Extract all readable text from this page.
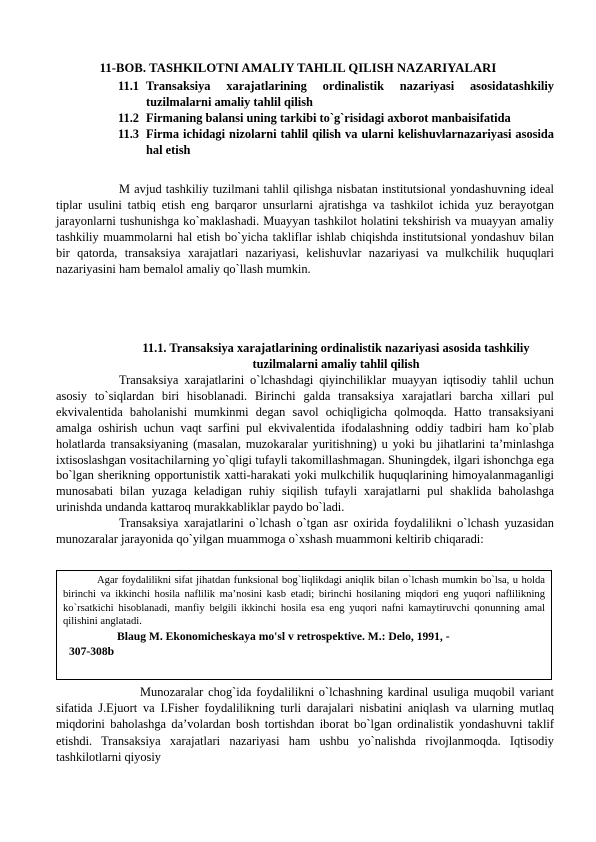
11-BOB. TASHKILOTNI AMALIY TAHLIL QILISH NAZARIYALARI
11.1 Transaksiya xarajatlarining ordinalistik nazariyasi asosidatashkiliy tuzilmalarni amaliy tahlil qilish
11.2 Firmaning balansi uning tarkibi to`g`risidagi axborot manbaisifatida
11.3 Firma ichidagi nizolarni tahlil qilish va ularni kelishuvlarnazariyasi asosida hal etish

M avjud tashkiliy tuzilmani tahlil qilishga nisbatan institutsional yondashuvning ideal tiplar usulini tatbiq etish eng barqaror unsurlarni ajratishga va tashkilot ichida yuz berayotgan jarayonlarni tushunishga ko`maklashadi. Muayyan tashkilot holatini tekshirish va muayyan amaliy tashkiliy muammolarni hal etish bo`yicha takliflar ishlab chiqishda institutsional yondashuv bilan bir qatorda, transaksiya xarajatlari nazariyasi, kelishuvlar nazariyasi va mulkchilik huquqlari nazariyasini ham bemalol amaliy qo`llash mumkin.

11.1. Transaksiya xarajatlarining ordinalistik nazariyasi asosida tashkiliy tuzilmalarni amaliy tahlil qilish

Transaksiya xarajatlarini o`lchashdagi qiyinchiliklar muayyan iqtisodiy tahlil uchun asosiy to`siqlardan biri hisoblanadi. Birinchi galda transaksiya xarajatlari barcha xillari pul ekvivalentida baholanishi mumkinmi degan savol ochiqligicha qolmoqda. Hatto transaksiyani amalga oshirish uchun vaqt sarfini pul ekvivalentida ifodalashning oddiy tadbiri ham ko`plab holatlarda transaksiyaning (masalan, muzokaralar yuritishning) u yoki bu jihatlarini ta’minlashga ixtisoslashgan vositachilarning yo`qligi tufayli takomillashmagan. Shuningdek, ilgari ishonchga ega bo`lgan sherikning opportunistik xatti-harakati yoki mulkchilik huquqlarining himoyalanmaganligi munosabati bilan yuzaga keladigan ruhiy siqilish tufayli xarajatlarni pul shaklida baholashga urinishda undanda kattaroq murakkabliklar paydo bo`ladi.

Transaksiya xarajatlarini o`lchash o`tgan asr oxirida foydalilikni o`lchash yuzasidan munozaralar jarayonida qo`yilgan muammoga o`xshash muammoni keltirib chiqaradi:

Agar foydalilikni sifat jihatdan funksional bog`liqlikdagi aniqlik bilan o`lchash mumkin bo`lsa, u holda birinchi va ikkinchi hosila naflilik ma’nosini kasb etadi; birinchi hosilaning miqdori eng yuqori naflilikning ko`rsatkichi hisoblanadi, manfiy belgili ikkinchi hosila esa eng yuqori nafni kamaytiruvchi qonunning amal qilishini anglatadi.

Blaug M. Ekonomicheskaya mo'sl v retrospektive. M.: Delo, 1991, -
307-308b

Munozaralar chog`ida foydalilikni o`lchashning kardinal usuliga muqobil variant sifatida J.Ejuort va I.Fisher foydalilikning turli darajalari nisbatini aniqlash va ularning mutlaq miqdorini baholashga da’volardan bosh tortishdan iborat bo`lgan ordinalistik yondashuvni taklif etishdi. Transaksiya xarajatlari nazariyasi ham ushbu yo`nalishda rivojlanmoqda. Iqtisodiy tashkilotlarni qiyosiy
